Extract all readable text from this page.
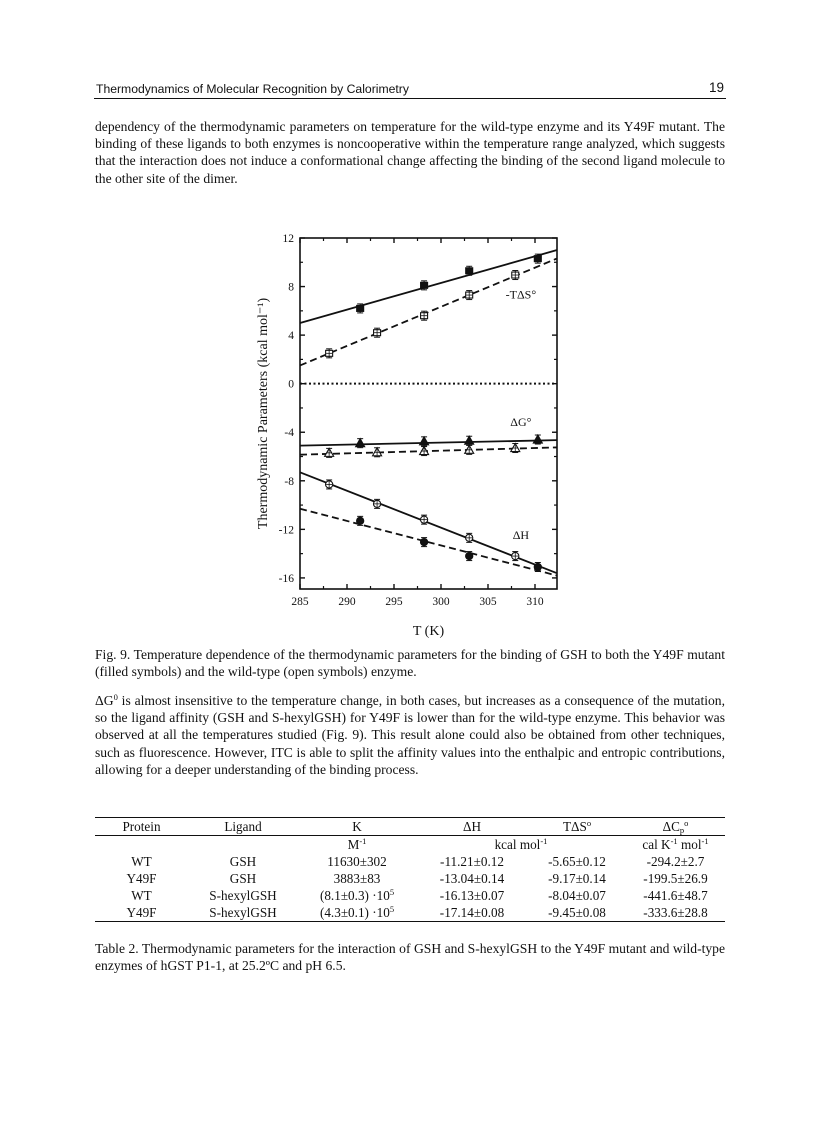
Thermodynamics of Molecular Recognition by Calorimetry	19

dependency of the thermodynamic parameters on temperature for the wild-type enzyme and its Y49F mutant. The binding of these ligands to both enzymes is noncooperative within the temperature range analyzed, which suggests that the interaction does not induce a conformational change affecting the binding of the second ligand molecule to the other site of the dimer.

12
8
4
0
-4
-8
-12
-16
285	290	295	300	305	310
T (K)
Thermodynamic Parameters (kcal mol⁻¹)
-TΔS°
ΔG°
ΔH

Fig. 9. Temperature dependence of the thermodynamic parameters for the binding of GSH to both the Y49F mutant (filled symbols) and the wild-type (open symbols) enzyme.

$\Delta G^0$ is almost insensitive to the temperature change, in both cases, but increases as a consequence of the mutation, so the ligand affinity (GSH and S-hexylGSH) for Y49F is lower than for the wild-type enzyme. This behavior was observed at all the temperatures studied (Fig. 9). This result alone could also be obtained from other techniques, such as fluorescence. However, ITC is able to split the affinity values into the enthalpic and entropic contributions, allowing for a deeper understanding of the binding process.

Protein	Ligand	K	ΔH	TΔS$^o$	$\Delta C_p^o$
		$M^{-1}$	kcal mol$^{-1}$		cal $K^{-1}$ mol$^{-1}$
WT	GSH	11630±302	-11.21±0.12	-5.65±0.12	-294.2±2.7
Y49F	GSH	3883±83	-13.04±0.14	-9.17±0.14	-199.5±26.9
WT	S-hexylGSH	$(8.1\pm 0.3) \cdot 10^5$	-16.13±0.07	-8.04±0.07	-441.6±48.7
Y49F	S-hexylGSH	$(4.3\pm 0.1) \cdot 10^5$	-17.14±0.08	-9.45±0.08	-333.6±28.8

Table 2. Thermodynamic parameters for the interaction of GSH and S-hexylGSH to the Y49F mutant and wild-type enzymes of hGST P1-1, at 25.2ºC and pH 6.5.
